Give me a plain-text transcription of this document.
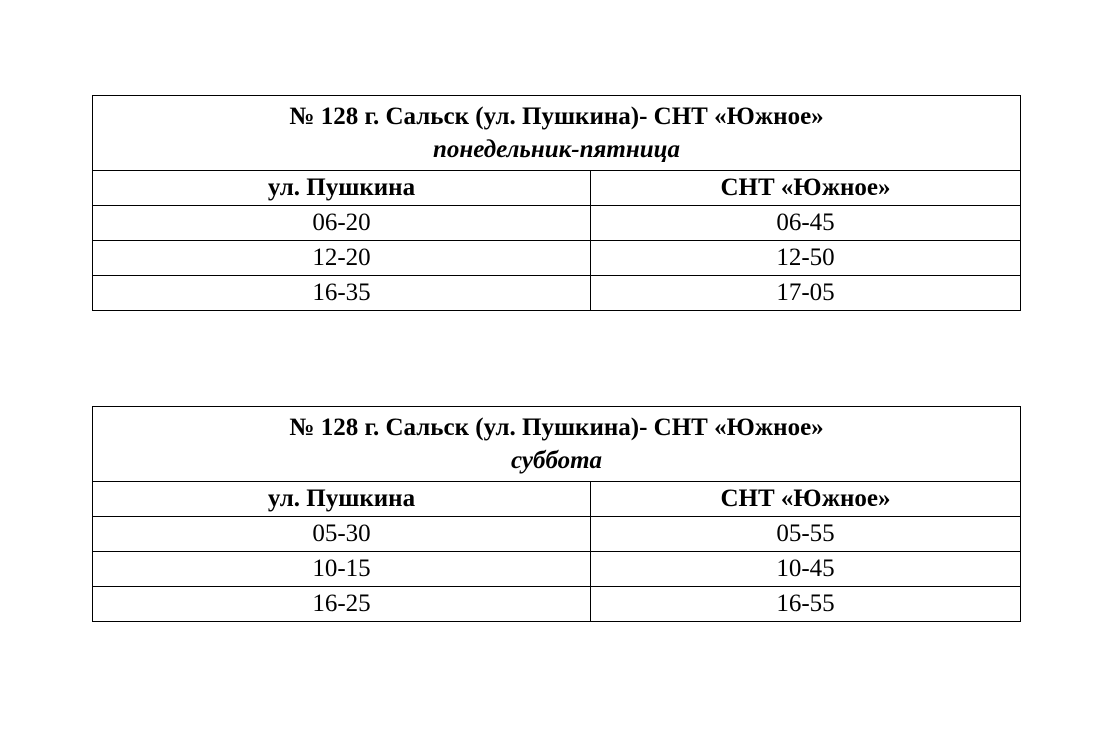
№ 128 г. Сальск (ул. Пушкина)- СНТ «Южное»
понедельник-пятница	

ул. Пушкина	СНТ «Южное»
06-20	06-45
12-20	12-50
16-35	17-05
№ 128 г. Сальск (ул. Пушкина)- СНТ «Южное»
суббота	

ул. Пушкина	СНТ «Южное»
05-30	05-55
10-15	10-45
16-25	16-55
